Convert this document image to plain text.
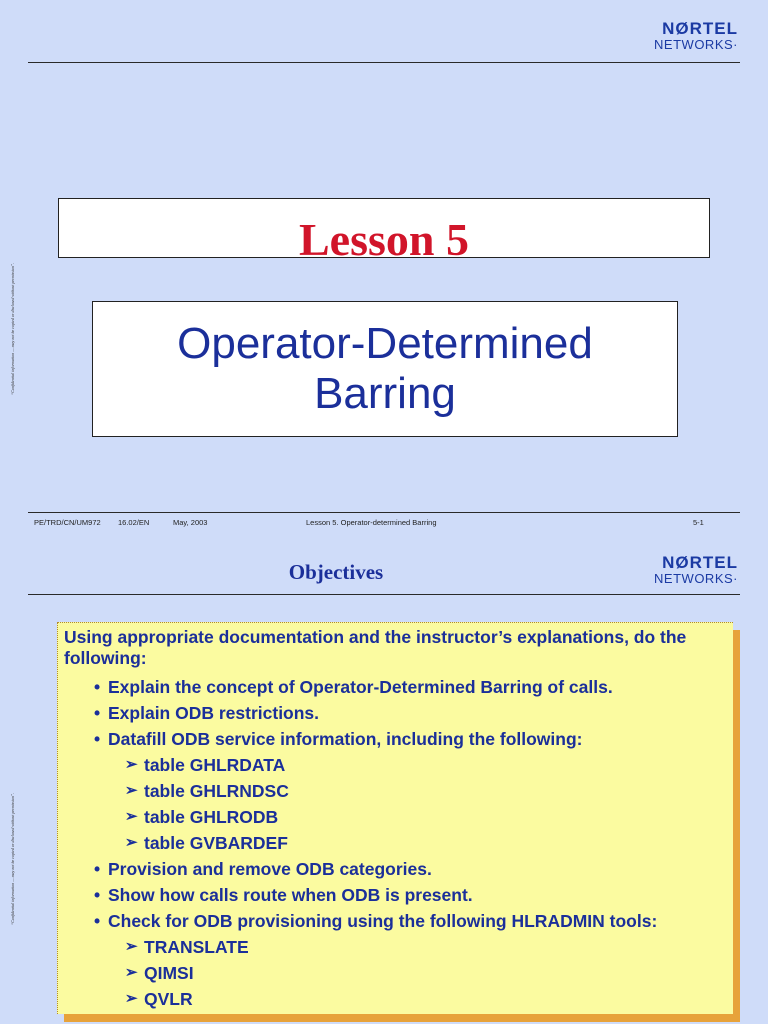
NØRTEL
NETWORKS·
“Confidential information — may not be copied or disclosed without permission”.
Lesson 5
Operator-Determined
Barring
PE/TRD/CN/UM972 16.02/EN	May, 2003	Lesson 5. Operator-determined Barring	5-1
Objectives	NØRTEL
NETWORKS·
“Confidential information — may not be copied or disclosed without permission”.
Using appropriate documentation and the instructor’s explanations, do the following:
• Explain the concept of Operator-Determined Barring of calls.
• Explain ODB restrictions.
• Datafill ODB service information, including the following:
➢ table GHLRDATA
➢ table GHLRNDSC
➢ table GHLRODB
➢ table GVBARDEF
• Provision and remove ODB categories.
• Show how calls route when ODB is present.
• Check for ODB provisioning using the following HLRADMIN tools:
➢ TRANSLATE
➢ QIMSI
➢ QVLR
